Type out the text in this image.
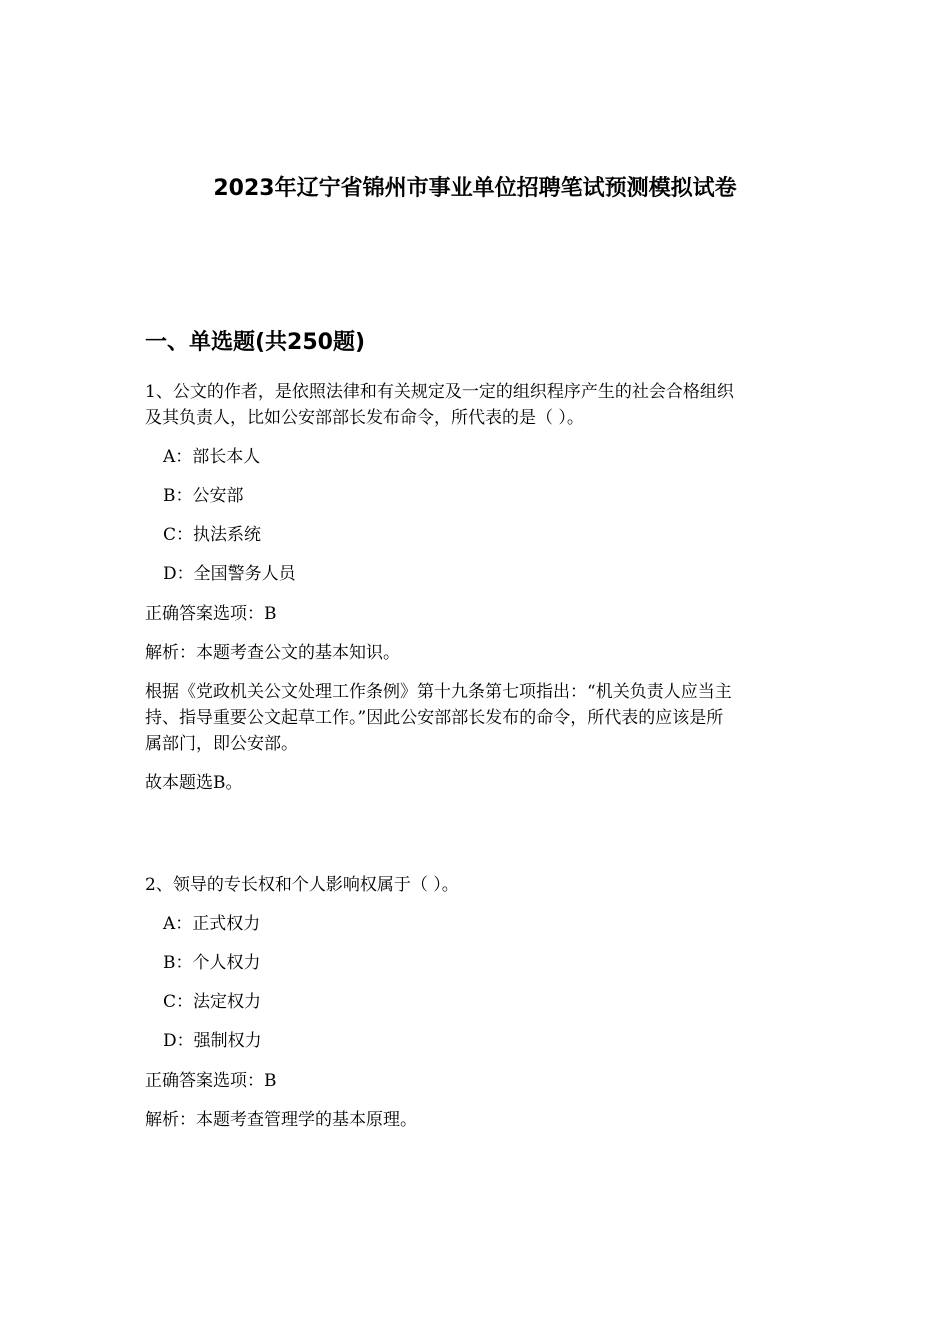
2023年辽宁省锦州市事业单位招聘笔试预测模拟试卷
一、单选题(共250题)

1、公文的作者，是依照法律和有关规定及一定的组织程序产生的社会合格组织

及其负责人，比如公安部部长发布命令，所代表的是（ ）。

A：部长本人

B：公安部

C：执法系统

D：全国警务人员

正确答案选项：B

解析：本题考查公文的基本知识。

根据《党政机关公文处理工作条例》第十九条第七项指出：“机关负责人应当主

持、指导重要公文起草工作。”因此公安部部长发布的命令，所代表的应该是所

属部门，即公安部。

故本题选B。

2、领导的专长权和个人影响权属于（ ）。

A：正式权力

B：个人权力

C：法定权力

D：强制权力

正确答案选项：B

解析：本题考查管理学的基本原理。
